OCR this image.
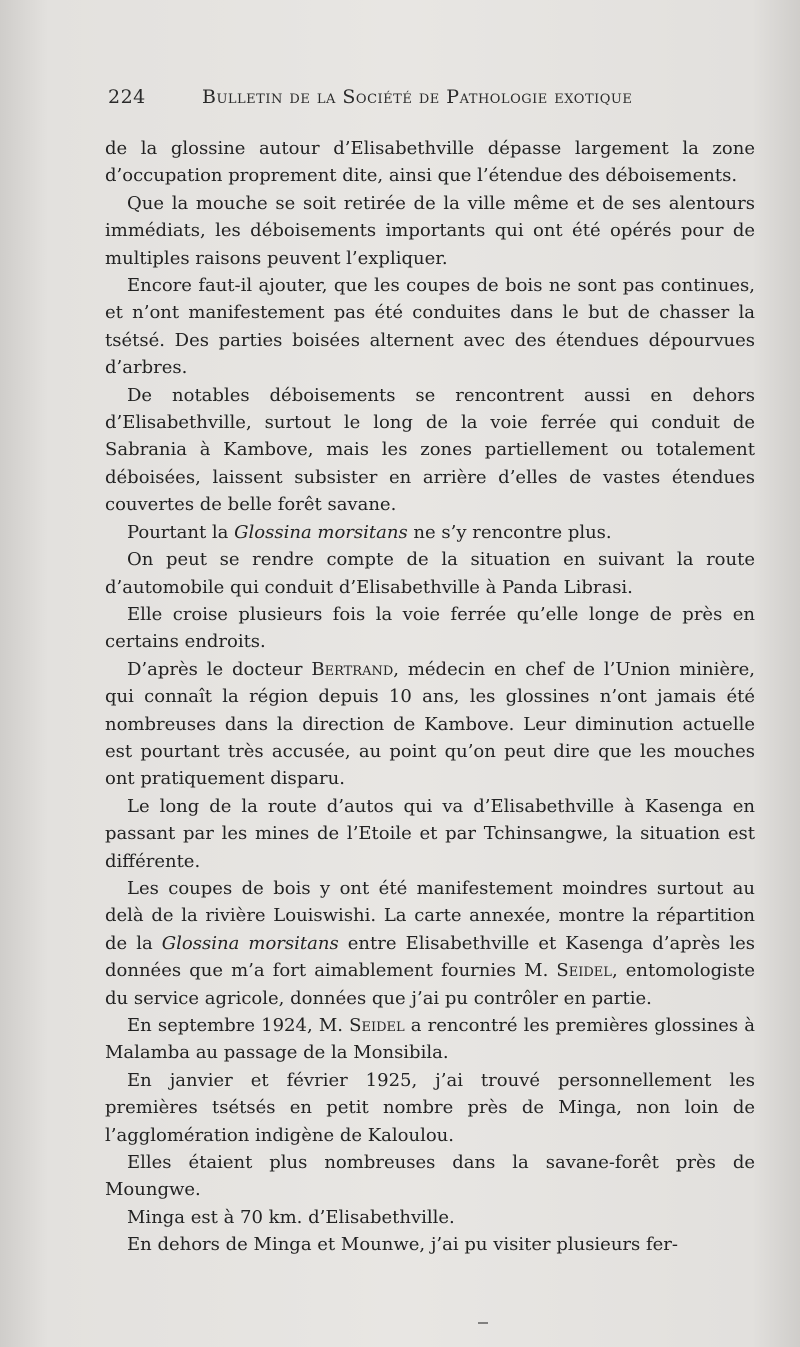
224	Bulletin de la Société de Pathologie exotique

de la glossine autour d’Elisabethville dépasse largement la zone d’occupation proprement dite, ainsi que l’étendue des déboisements.

Que la mouche se soit retirée de la ville même et de ses alentours immédiats, les déboisements importants qui ont été opérés pour de multiples raisons peuvent l’expliquer.

Encore faut-il ajouter, que les coupes de bois ne sont pas continues, et n’ont manifestement pas été conduites dans le but de chasser la tsétsé. Des parties boisées alternent avec des étendues dépourvues d’arbres.

De notables déboisements se rencontrent aussi en dehors d’Elisabethville, surtout le long de la voie ferrée qui conduit de Sabrania à Kambove, mais les zones partiellement ou totalement déboisées, laissent subsister en arrière d’elles de vastes étendues couvertes de belle forêt savane.

Pourtant la Glossina morsitans ne s’y rencontre plus.

On peut se rendre compte de la situation en suivant la route d’automobile qui conduit d’Elisabethville à Panda Librasi.

Elle croise plusieurs fois la voie ferrée qu’elle longe de près en certains endroits.

D’après le docteur Bertrand, médecin en chef de l’Union minière, qui connaît la région depuis 10 ans, les glossines n’ont jamais été nombreuses dans la direction de Kambove. Leur diminution actuelle est pourtant très accusée, au point qu’on peut dire que les mouches ont pratiquement disparu.

Le long de la route d’autos qui va d’Elisabethville à Kasenga en passant par les mines de l’Etoile et par Tchinsangwe, la situation est différente.

Les coupes de bois y ont été manifestement moindres surtout au delà de la rivière Louiswishi. La carte annexée, montre la répartition de la Glossina morsitans entre Elisabethville et Kasenga d’après les données que m’a fort aimablement fournies M. Seidel, entomologiste du service agricole, données que j’ai pu contrôler en partie.

En septembre 1924, M. Seidel a rencontré les premières glossines à Malamba au passage de la Monsibila.

En janvier et février 1925, j’ai trouvé personnellement les premières tsétsés en petit nombre près de Minga, non loin de l’agglomération indigène de Kaloulou.

Elles étaient plus nombreuses dans la savane-forêt près de Moungwe.

Minga est à 70 km. d’Elisabethville.

En dehors de Minga et Mounwe, j’ai pu visiter plusieurs fer-
